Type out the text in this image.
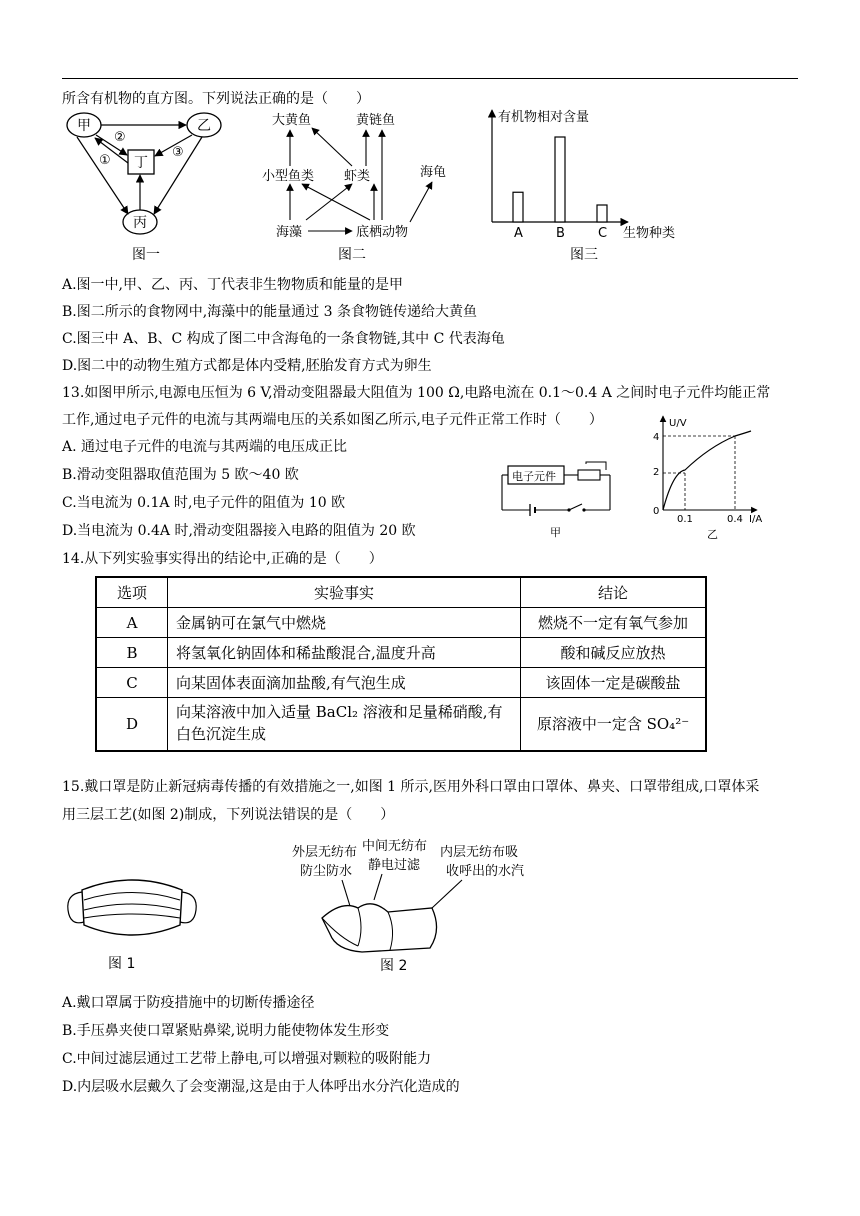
所含有机物的直方图。下列说法正确的是（　　）
甲	乙
丙
丁
②
①
③
图一
大黄鱼	黄链鱼
小型鱼类 虾类	海龟
海藻	底栖动物
图二
有机物相对含量
生物种类
A	B	C
图三
A.图一中,甲、乙、丙、丁代表非生物物质和能量的是甲
B.图二所示的食物网中,海藻中的能量通过 3 条食物链传递给大黄鱼
C.图三中 A、B、C 构成了图二中含海龟的一条食物链,其中 C 代表海龟
D.图二中的动物生殖方式都是体内受精,胚胎发育方式为卵生
13.如图甲所示,电源电压恒为 6 V,滑动变阻器最大阻值为 100 Ω,电路电流在 0.1～0.4 A 之间时电子元件均能正常
工作,通过电子元件的电流与其两端电压的关系如图乙所示,电子元件正常工作时（　　）
A. 通过电子元件的电流与其两端的电压成正比
B.滑动变阻器取值范围为 5 欧～40 欧
C.当电流为 0.1A 时,电子元件的阻值为 10 欧
D.当电流为 0.4A 时,滑动变阻器接入电路的阻值为 20 欧
电子元件
甲
U/V
I/A
4
2
0
0.1	0.4
乙
14.从下列实验事实得出的结论中,正确的是（　　）
选项	实验事实	结论
A	金属钠可在氯气中燃烧	燃烧不一定有氧气参加
B	将氢氧化钠固体和稀盐酸混合,温度升高	酸和碱反应放热
C	向某固体表面滴加盐酸,有气泡生成	该固体一定是碳酸盐
D	向某溶液中加入适量 BaCl₂ 溶液和足量稀硝酸,有白色沉淀生成	原溶液中一定含 SO₄²⁻
15.戴口罩是防止新冠病毒传播的有效措施之一,如图 1 所示,医用外科口罩由口罩体、鼻夹、口罩带组成,口罩体采
用三层工艺(如图 2)制成，下列说法错误的是（　　）
图 1
外层无纺布
防尘防水
中间无纺布
静电过滤
内层无纺布吸
收呼出的水汽
图 2
A.戴口罩属于防疫措施中的切断传播途径
B.手压鼻夹使口罩紧贴鼻梁,说明力能使物体发生形变
C.中间过滤层通过工艺带上静电,可以增强对颗粒的吸附能力
D.内层吸水层戴久了会变潮湿,这是由于人体呼出水分汽化造成的
